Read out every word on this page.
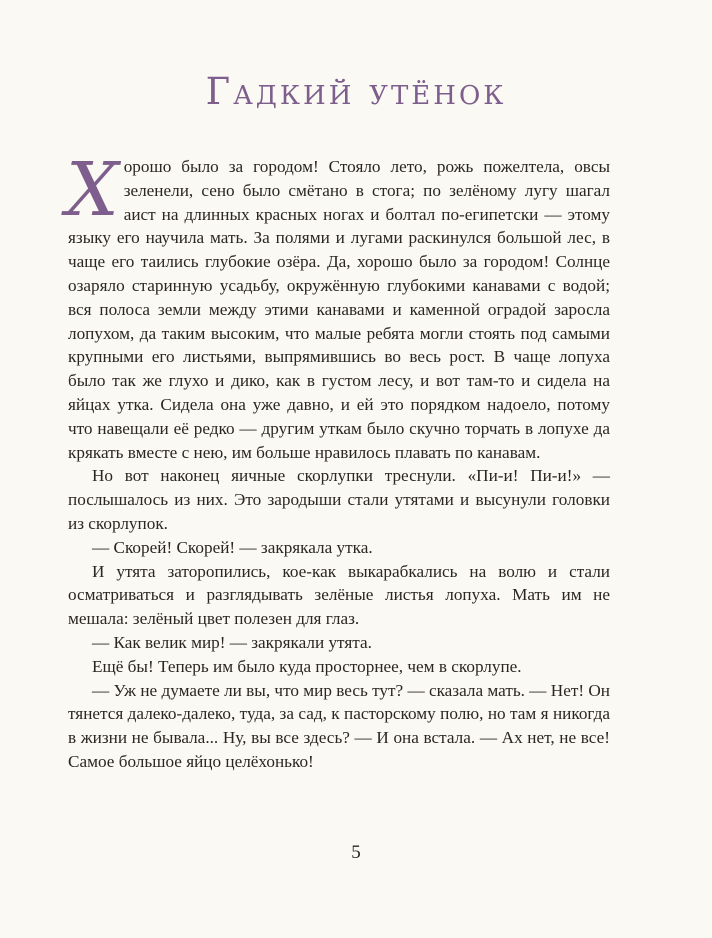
Гадкий утёнок

Хорошо было за городом! Стояло лето, рожь пожелтела, овсы зеленели, сено было смётано в стога; по зелёному лугу шагал аист на длинных красных ногах и болтал по-египетски — этому языку его научила мать. За полями и лугами раскинулся большой лес, в чаще его таились глубокие озёра. Да, хорошо было за городом! Солнце озаряло старинную усадьбу, окружённую глубокими канавами с водой; вся полоса земли между этими канавами и каменной оградой заросла лопухом, да таким высоким, что малые ребята могли стоять под самыми крупными его листьями, выпрямившись во весь рост. В чаще лопуха было так же глухо и дико, как в густом лесу, и вот там-то и сидела на яйцах утка. Сидела она уже давно, и ей это порядком надоело, потому что навещали её редко — другим уткам было скучно торчать в лопухе да крякать вместе с нею, им больше нравилось плавать по канавам.

Но вот наконец яичные скорлупки треснули. «Пи-и! Пи-и!» — послышалось из них. Это зародыши стали утятами и высунули головки из скорлупок.

— Скорей! Скорей! — закрякала утка.

И утята заторопились, кое-как выкарабкались на волю и стали осматриваться и разглядывать зелёные листья лопуха. Мать им не мешала: зелёный цвет полезен для глаз.

— Как велик мир! — закрякали утята.

Ещё бы! Теперь им было куда просторнее, чем в скорлупе.

— Уж не думаете ли вы, что мир весь тут? — сказала мать. — Нет! Он тянется далеко-далеко, туда, за сад, к пасторскому полю, но там я никогда в жизни не бывала... Ну, вы все здесь? — И она встала. — Ах нет, не все! Самое большое яйцо целёхонько!

5
